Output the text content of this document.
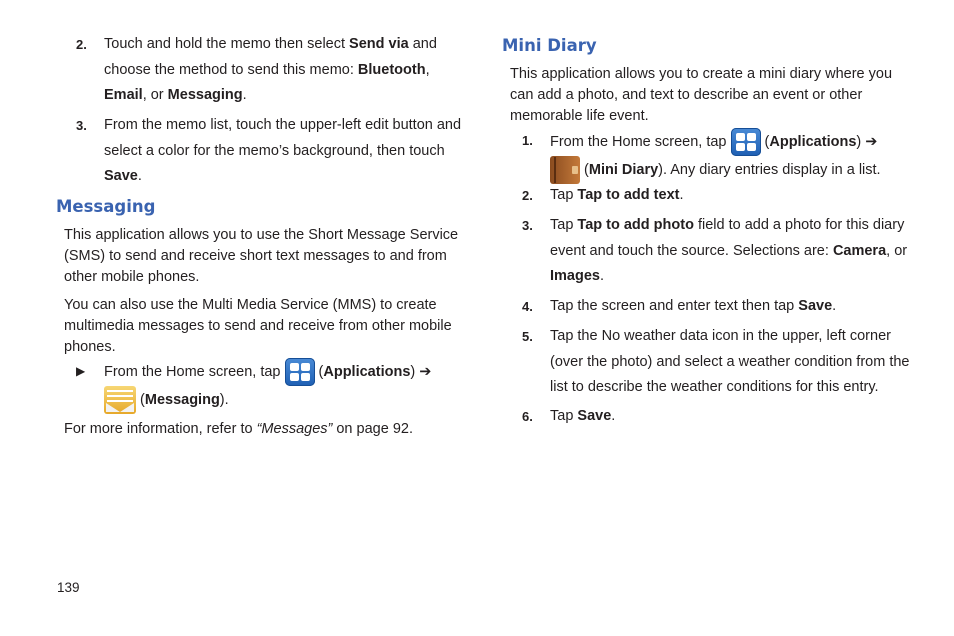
2. Touch and hold the memo then select Send via and choose the method to send this memo: Bluetooth, Email, or Messaging.
3. From the memo list, touch the upper-left edit button and select a color for the memo’s background, then touch Save.
Messaging
This application allows you to use the Short Message Service (SMS) to send and receive short text messages to and from other mobile phones.
You can also use the Multi Media Service (MMS) to create multimedia messages to send and receive from other mobile phones.
▶ From the Home screen, tap
(Applications) ➔
(Messaging).
For more information, refer to “Messages” on page 92.
Mini Diary
This application allows you to create a mini diary where you can add a photo, and text to describe an event or other memorable life event.
1. From the Home screen, tap
(Applications) ➔
(Mini Diary). Any diary entries display in a list.
2. Tap Tap to add text.
3. Tap Tap to add photo field to add a photo for this diary event and touch the source. Selections are: Camera, or Images.
4. Tap the screen and enter text then tap Save.
5. Tap the No weather data icon in the upper, left corner (over the photo) and select a weather condition from the list to describe the weather conditions for this entry.
6. Tap Save.
139
